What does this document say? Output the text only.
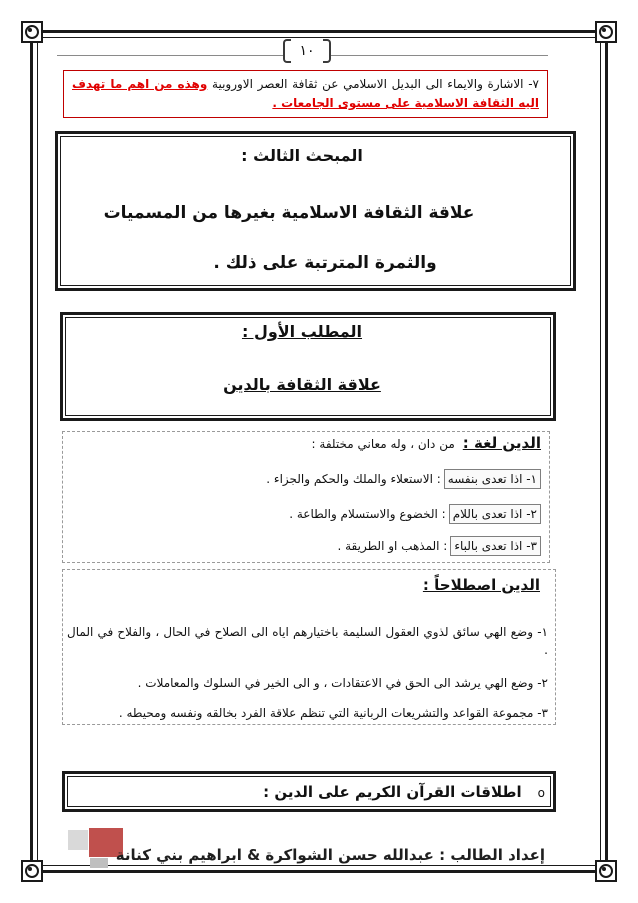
١٠

٧- الاشارة والايماء الى البديل الاسلامي عن ثقافة العصر الاوروبية وهذه من اهم ما تهدف اليه الثقافة الاسلامية على مستوى الجامعات .

المبحث الثالث :
علاقة الثقافة الاسلامية بغيرها من المسميات
والثمرة المترتبة على ذلك .
المطلب الأول :
علاقة الثقافة بالدين
الدين لغة :من دان ، وله معاني مختلفة :
١- اذا تعدى بنفسه: الاستعلاء والملك والحكم والجزاء .
٢- اذا تعدى باللام: الخضوع والاستسلام والطاعة .
٣- اذا تعدى بالباء: المذهب او الطريقة .
الدين اصطلاحاً :

١- وضع الهي سائق لذوي العقول السليمة باختيارهم اياه الى الصلاح في الحال ، والفلاح في المال .

٢- وضع الهي يرشد الى الحق في الاعتقادات ، و الى الخير في السلوك والمعاملات .

٣- مجموعة القواعد والتشريعات الربانية التي تنظم علاقة الفرد بخالقه ونفسه ومحيطه .

oاطلاقات القرآن الكريم على الدين :
إعداد الطالب : عبدالله حسن الشواكرة & ابراهيم بني كنانة
